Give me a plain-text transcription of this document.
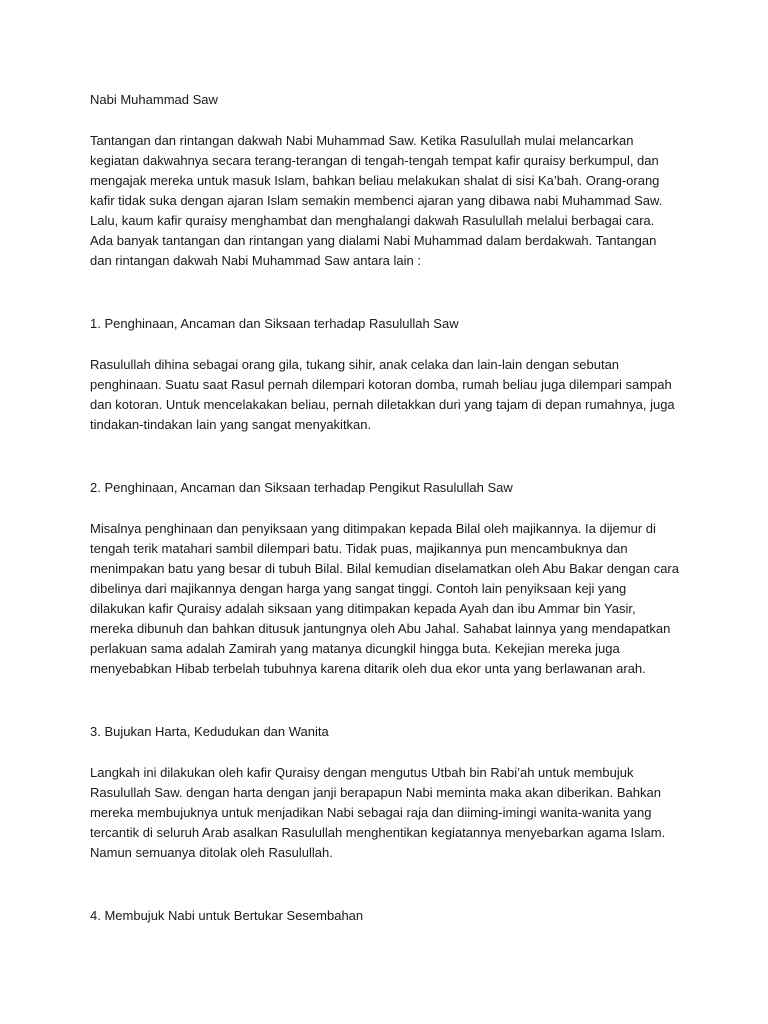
Nabi Muhammad Saw

Tantangan dan rintangan dakwah Nabi Muhammad Saw. Ketika Rasulullah mulai melancarkan kegiatan dakwahnya secara terang-terangan di tengah-tengah tempat kafir quraisy berkumpul, dan mengajak mereka untuk masuk Islam, bahkan beliau melakukan shalat di sisi Ka’bah. Orang-orang kafir tidak suka dengan ajaran Islam semakin membenci ajaran yang dibawa nabi Muhammad Saw. Lalu, kaum kafir quraisy menghambat dan menghalangi dakwah Rasulullah melalui berbagai cara. Ada banyak tantangan dan rintangan yang dialami Nabi Muhammad dalam berdakwah. Tantangan dan rintangan dakwah Nabi Muhammad Saw antara lain :

1. Penghinaan, Ancaman dan Siksaan terhadap Rasulullah Saw

Rasulullah dihina sebagai orang gila, tukang sihir, anak celaka dan lain-lain dengan sebutan penghinaan. Suatu saat Rasul pernah dilempari kotoran domba, rumah beliau juga dilempari sampah dan kotoran. Untuk mencelakakan beliau, pernah diletakkan duri yang tajam di depan rumahnya, juga tindakan-tindakan lain yang sangat menyakitkan.

2. Penghinaan, Ancaman dan Siksaan terhadap Pengikut Rasulullah Saw

Misalnya penghinaan dan penyiksaan yang ditimpakan kepada Bilal oleh majikannya. Ia dijemur di tengah terik matahari sambil dilempari batu. Tidak puas, majikannya pun mencambuknya dan menimpakan batu yang besar di tubuh Bilal. Bilal kemudian diselamatkan oleh Abu Bakar dengan cara dibelinya dari majikannya dengan harga yang sangat tinggi. Contoh lain penyiksaan keji yang dilakukan kafir Quraisy adalah siksaan yang ditimpakan kepada Ayah dan ibu Ammar bin Yasir, mereka dibunuh dan bahkan ditusuk jantungnya oleh Abu Jahal. Sahabat lainnya yang mendapatkan perlakuan sama adalah Zamirah yang matanya dicungkil hingga buta. Kekejian mereka juga menyebabkan Hibab terbelah tubuhnya karena ditarik oleh dua ekor unta yang berlawanan arah.

3. Bujukan Harta, Kedudukan dan Wanita

Langkah ini dilakukan oleh kafir Quraisy dengan mengutus Utbah bin Rabi’ah untuk membujuk Rasulullah Saw. dengan harta dengan janji berapapun Nabi meminta maka akan diberikan. Bahkan mereka membujuknya untuk menjadikan Nabi sebagai raja dan diiming-imingi wanita-wanita yang tercantik di seluruh Arab asalkan Rasulullah menghentikan kegiatannya menyebarkan agama Islam. Namun semuanya ditolak oleh Rasulullah.

4. Membujuk Nabi untuk Bertukar Sesembahan
